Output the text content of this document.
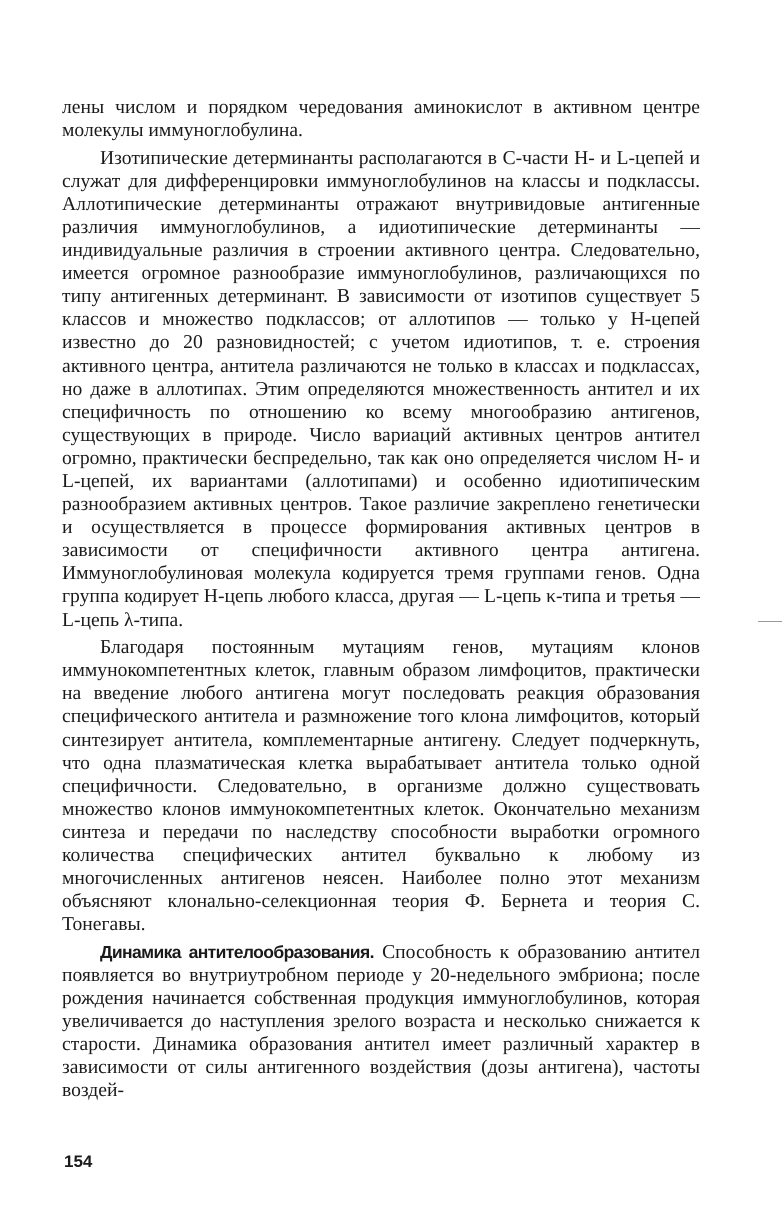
лены числом и порядком чередования аминокислот в активном центре молекулы иммуноглобулина.

Изотипические детерминанты располагаются в С-части Н- и L-цепей и служат для дифференцировки иммуноглобулинов на классы и подклассы. Аллотипические детерминанты отражают внутривидовые антигенные различия иммуноглобулинов, а идиотипические детерминанты — индивидуальные различия в строении активного центра. Следовательно, имеется огромное разнообразие иммуноглобулинов, различающихся по типу антигенных детерминант. В зависимости от изотипов существует 5 классов и множество подклассов; от аллотипов — только у Н-цепей известно до 20 разновидностей; с учетом идиотипов, т. е. строения активного центра, антитела различаются не только в классах и подклассах, но даже в аллотипах. Этим определяются множественность антител и их специфичность по отношению ко всему многообразию антигенов, существующих в природе. Число вариаций активных центров антител огромно, практически беспредельно, так как оно определяется числом Н- и L-цепей, их вариантами (аллотипами) и особенно идиотипическим разнообразием активных центров. Такое различие закреплено генетически и осуществляется в процессе формирования активных центров в зависимости от специфичности активного центра антигена. Иммуноглобулиновая молекула кодируется тремя группами генов. Одна группа кодирует Н-цепь любого класса, другая — L-цепь κ-типа и третья — L-цепь λ-типа.

Благодаря постоянным мутациям генов, мутациям клонов иммунокомпетентных клеток, главным образом лимфоцитов, практически на введение любого антигена могут последовать реакция образования специфического антитела и размножение того клона лимфоцитов, который синтезирует антитела, комплементарные антигену. Следует подчеркнуть, что одна плазматическая клетка вырабатывает антитела только одной специфичности. Следовательно, в организме должно существовать множество клонов иммунокомпетентных клеток. Окончательно механизм синтеза и передачи по наследству способности выработки огромного количества специфических антител буквально к любому из многочисленных антигенов неясен. Наиболее полно этот механизм объясняют клонально-селекционная теория Ф. Бернета и теория С. Тонегавы.

Динамика антителообразования. Способность к образованию антител появляется во внутриутробном периоде у 20-недельного эмбриона; после рождения начинается собственная продукция иммуноглобулинов, которая увеличивается до наступления зрелого возраста и несколько снижается к старости. Динамика образования антител имеет различный характер в зависимости от силы антигенного воздействия (дозы антигена), частоты воздей-

154
